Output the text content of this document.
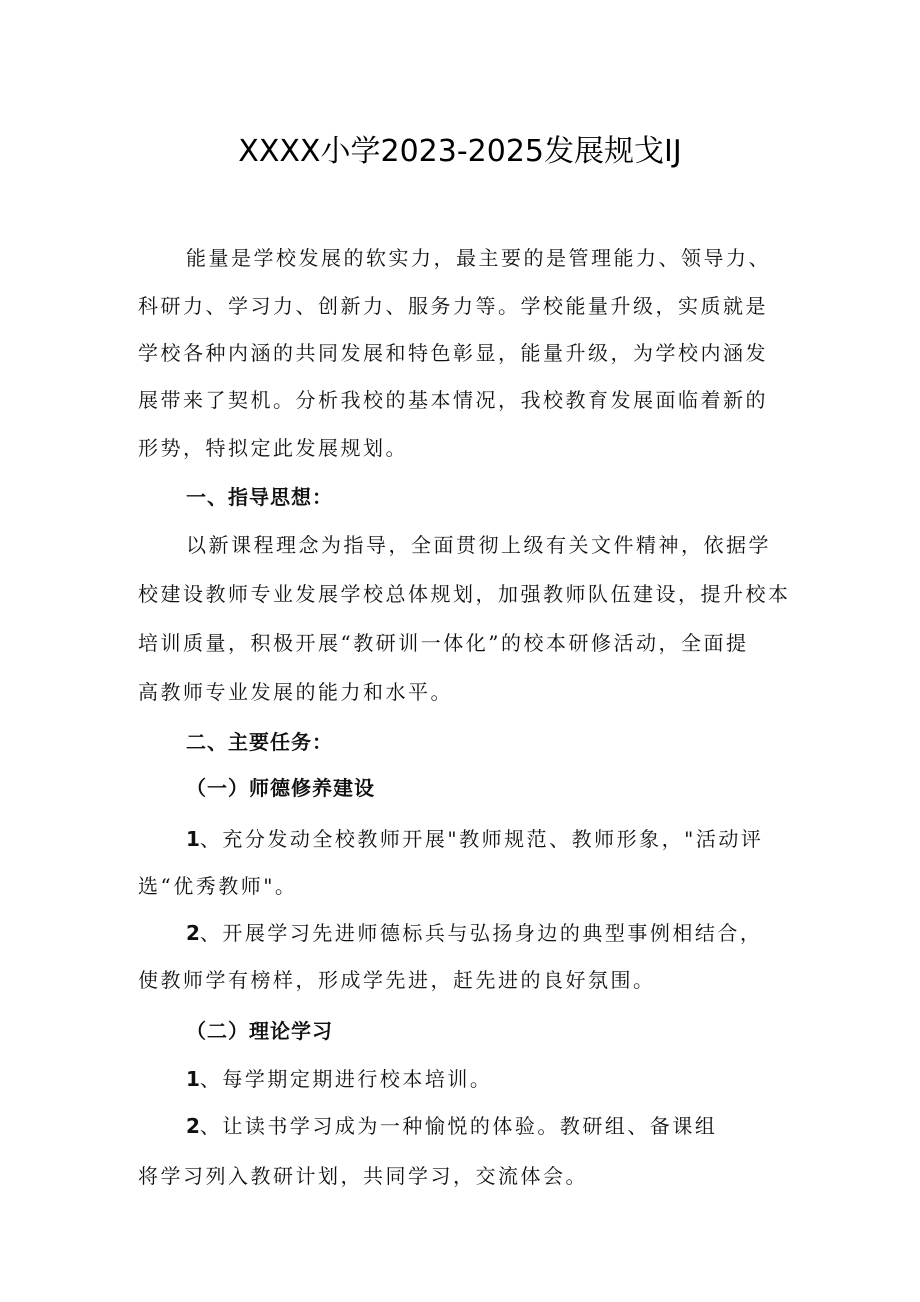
XXXX小学2023-2025发展规戈IJ
能量是学校发展的软实力，最主要的是管理能力、领导力、
科研力、学习力、创新力、服务力等。学校能量升级，实质就是
学校各种内涵的共同发展和特色彰显，能量升级，为学校内涵发
展带来了契机。分析我校的基本情况，我校教育发展面临着新的
形势，特拟定此发展规划。
一、指导思想：
以新课程理念为指导，全面贯彻上级有关文件精神，依据学
校建设教师专业发展学校总体规划，加强教师队伍建设，提升校本
培训质量，积极开展“教研训一体化”的校本研修活动，全面提
高教师专业发展的能力和水平。
二、主要任务：
（一）师德修养建设
1、充分发动全校教师开展"教师规范、教师形象，"活动评
选“优秀教师"。
2、开展学习先进师德标兵与弘扬身边的典型事例相结合，
使教师学有榜样，形成学先进，赶先进的良好氛围。
（二）理论学习
1、每学期定期进行校本培训。
2、让读书学习成为一种愉悦的体验。教研组、备课组
将学习列入教研计划，共同学习，交流体会。
